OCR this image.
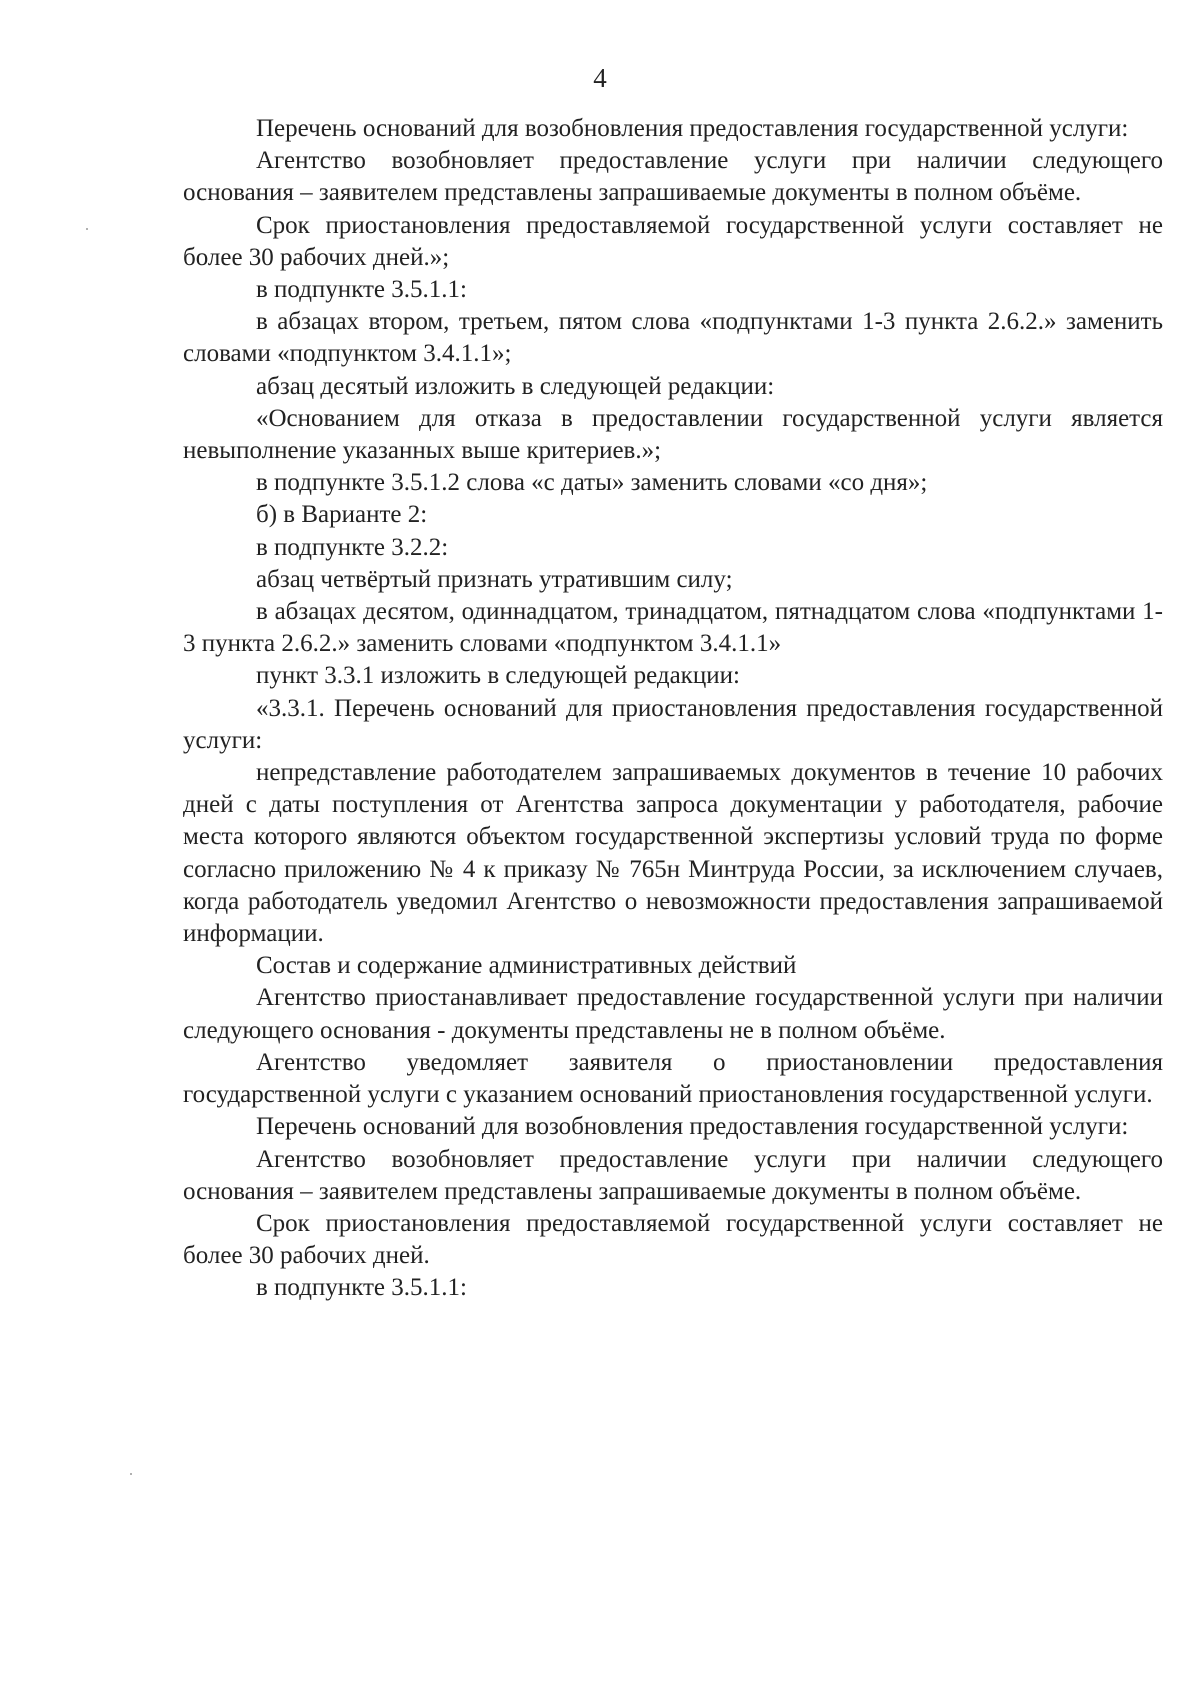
4

Перечень оснований для возобновления предоставления государственной услуги:

Агентство возобновляет предоставление услуги при наличии следующего основания – заявителем представлены запрашиваемые документы в полном объёме.

Срок приостановления предоставляемой государственной услуги составляет не более 30 рабочих дней.»;

в подпункте 3.5.1.1:

в абзацах втором, третьем, пятом слова «подпунктами 1-3 пункта 2.6.2.» заменить словами «подпунктом 3.4.1.1»;

абзац десятый изложить в следующей редакции:

«Основанием для отказа в предоставлении государственной услуги является невыполнение указанных выше критериев.»;

в подпункте 3.5.1.2 слова «с даты» заменить словами «со дня»;

б) в Варианте 2:

в подпункте 3.2.2:

абзац четвёртый признать утратившим силу;

в абзацах десятом, одиннадцатом, тринадцатом, пятнадцатом слова «подпунктами 1-3 пункта 2.6.2.» заменить словами «подпунктом 3.4.1.1»

пункт 3.3.1 изложить в следующей редакции:

«3.3.1. Перечень оснований для приостановления предоставления государственной услуги:

непредставление работодателем запрашиваемых документов в течение 10 рабочих дней с даты поступления от Агентства запроса документации у работодателя, рабочие места которого являются объектом государственной экспертизы условий труда по форме согласно приложению № 4 к приказу № 765н Минтруда России, за исключением случаев, когда работодатель уведомил Агентство о невозможности предоставления запрашиваемой информации.

Состав и содержание административных действий

Агентство приостанавливает предоставление государственной услуги при наличии следующего основания - документы представлены не в полном объёме.

Агентство уведомляет заявителя о приостановлении предоставления государственной услуги с указанием оснований приостановления государственной услуги.

Перечень оснований для возобновления предоставления государственной услуги:

Агентство возобновляет предоставление услуги при наличии следующего основания – заявителем представлены запрашиваемые документы в полном объёме.

Срок приостановления предоставляемой государственной услуги составляет не более 30 рабочих дней.

в подпункте 3.5.1.1:
